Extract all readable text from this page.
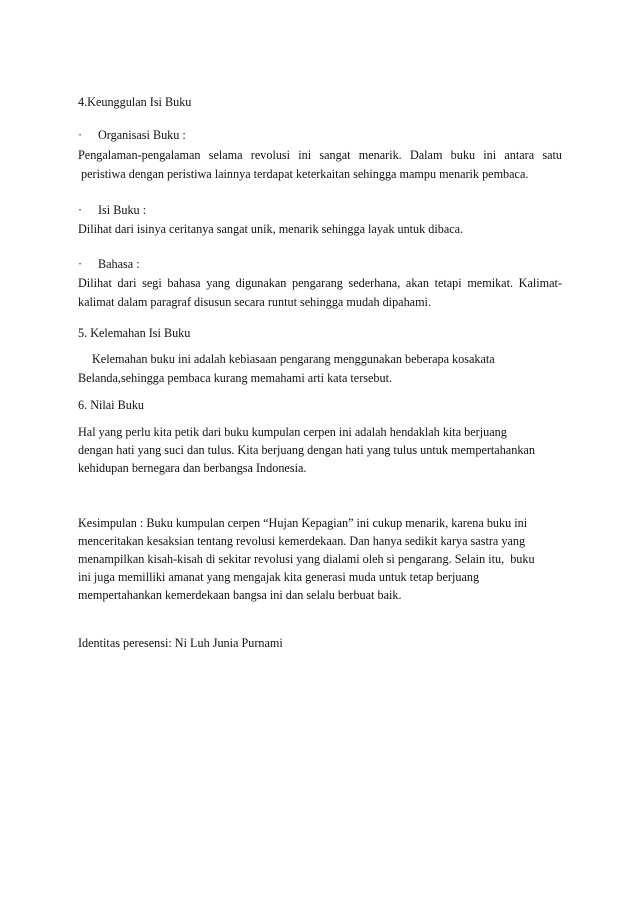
4.Keunggulan Isi Buku
· Organisasi Buku :
Pengalaman-pengalaman selama revolusi ini sangat menarik. Dalam buku ini antara satu
peristiwa dengan peristiwa lainnya terdapat keterkaitan sehingga mampu menarik pembaca.
· Isi Buku :
Dilihat dari isinya ceritanya sangat unik, menarik sehingga layak untuk dibaca.
· Bahasa :
Dilihat dari segi bahasa yang digunakan pengarang sederhana, akan tetapi memikat. Kalimat-
kalimat dalam paragraf disusun secara runtut sehingga mudah dipahami.
5. Kelemahan Isi Buku
Kelemahan buku ini adalah kebiasaan pengarang menggunakan beberapa kosakata
Belanda,sehingga pembaca kurang memahami arti kata tersebut.
6. Nilai Buku
Hal yang perlu kita petik dari buku kumpulan cerpen ini adalah hendaklah kita berjuang
dengan hati yang suci dan tulus. Kita berjuang dengan hati yang tulus untuk mempertahankan
kehidupan bernegara dan berbangsa Indonesia.
Kesimpulan : Buku kumpulan cerpen “Hujan Kepagian” ini cukup menarik, karena buku ini
menceritakan kesaksian tentang revolusi kemerdekaan. Dan hanya sedikit karya sastra yang
menampilkan kisah-kisah di sekitar revolusi yang dialami oleh si pengarang. Selain itu,  buku
ini juga memilliki amanat yang mengajak kita generasi muda untuk tetap berjuang
mempertahankan kemerdekaan bangsa ini dan selalu berbuat baik.
Identitas peresensi: Ni Luh Junia Purnami
